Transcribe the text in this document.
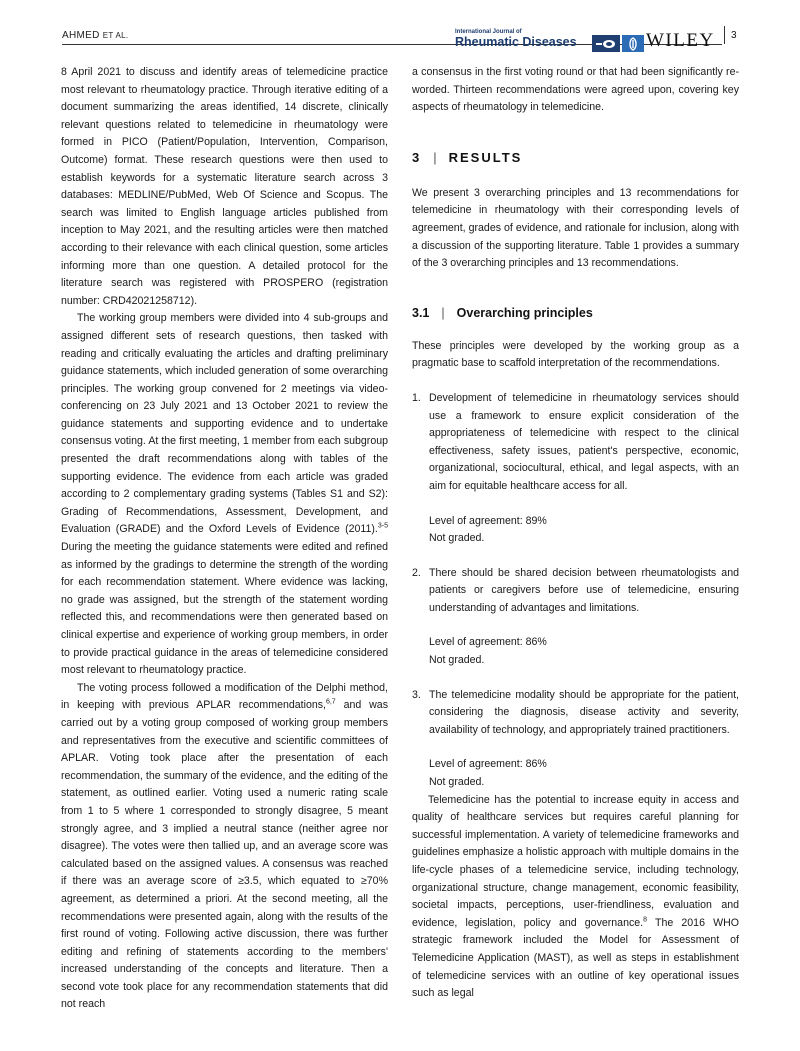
AHMED ET AL.	International Journal of
Rheumatic Diseases	WILEY 3

8 April 2021 to discuss and identify areas of telemedicine practice most relevant to rheumatology practice. Through iterative editing of a document summarizing the areas identified, 14 discrete, clinically relevant questions related to telemedicine in rheumatology were formed in PICO (Patient/Population, Intervention, Comparison, Outcome) format. These research questions were then used to establish keywords for a systematic literature search across 3 databases: MEDLINE/PubMed, Web Of Science and Scopus. The search was limited to English language articles published from inception to May 2021, and the resulting articles were then matched according to their relevance with each clinical question, some articles informing more than one question. A detailed protocol for the literature search was registered with PROSPERO (registration number: CRD42021258712).

The working group members were divided into 4 sub-groups and assigned different sets of research questions, then tasked with reading and critically evaluating the articles and drafting preliminary guidance statements, which included generation of some overarching principles. The working group convened for 2 meetings via video-conferencing on 23 July 2021 and 13 October 2021 to review the guidance statements and supporting evidence and to undertake consensus voting. At the first meeting, 1 member from each subgroup presented the draft recommendations along with tables of the supporting evidence. The evidence from each article was graded according to 2 complementary grading systems (Tables S1 and S2): Grading of Recommendations, Assessment, Development, and Evaluation (GRADE) and the Oxford Levels of Evidence (2011).$^{3-5}$ During the meeting the guidance statements were edited and refined as informed by the gradings to determine the strength of the wording for each recommendation statement. Where evidence was lacking, no grade was assigned, but the strength of the statement wording reflected this, and recommendations were then generated based on clinical expertise and experience of working group members, in order to provide practical guidance in the areas of telemedicine considered most relevant to rheumatology practice.

The voting process followed a modification of the Delphi method, in keeping with previous APLAR recommendations,$^{6,7}$ and was carried out by a voting group composed of working group members and representatives from the executive and scientific committees of APLAR. Voting took place after the presentation of each recommendation, the summary of the evidence, and the editing of the statement, as outlined earlier. Voting used a numeric rating scale from 1 to 5 where 1 corresponded to strongly disagree, 5 meant strongly agree, and 3 implied a neutral stance (neither agree nor disagree). The votes were then tallied up, and an average score was calculated based on the assigned values. A consensus was reached if there was an average score of ≥3.5, which equated to ≥70% agreement, as determined a priori. At the second meeting, all the recommendations were presented again, along with the results of the first round of voting. Following active discussion, there was further editing and refining of statements according to the members' increased understanding of the concepts and literature. Then a second vote took place for any recommendation statements that did not reach

a consensus in the first voting round or that had been significantly re-worded. Thirteen recommendations were agreed upon, covering key aspects of rheumatology in telemedicine.

3 | RESULTS

We present 3 overarching principles and 13 recommendations for telemedicine in rheumatology with their corresponding levels of agreement, grades of evidence, and rationale for inclusion, along with a discussion of the supporting literature. Table 1 provides a summary of the 3 overarching principles and 13 recommendations.

3.1 | Overarching principles

These principles were developed by the working group as a pragmatic base to scaffold interpretation of the recommendations.

1. Development of telemedicine in rheumatology services should use a framework to ensure explicit consideration of the appropriateness of telemedicine with respect to the clinical effectiveness, safety issues, patient's perspective, economic, organizational, sociocultural, ethical, and legal aspects, with an aim for equitable healthcare access for all.

Level of agreement: 89%

Not graded.

2. There should be shared decision between rheumatologists and patients or caregivers before use of telemedicine, ensuring understanding of advantages and limitations.

Level of agreement: 86%

Not graded.

3. The telemedicine modality should be appropriate for the patient, considering the diagnosis, disease activity and severity, availability of technology, and appropriately trained practitioners.

Level of agreement: 86%

Not graded.

Telemedicine has the potential to increase equity in access and quality of healthcare services but requires careful planning for successful implementation. A variety of telemedicine frameworks and guidelines emphasize a holistic approach with multiple domains in the life-cycle phases of a telemedicine service, including technology, organizational structure, change management, economic feasibility, societal impacts, perceptions, user-friendliness, evaluation and evidence, legislation, policy and governance.$^8$ The 2016 WHO strategic framework included the Model for Assessment of Telemedicine Application (MAST), as well as steps in establishment of telemedicine services with an outline of key operational issues such as legal
